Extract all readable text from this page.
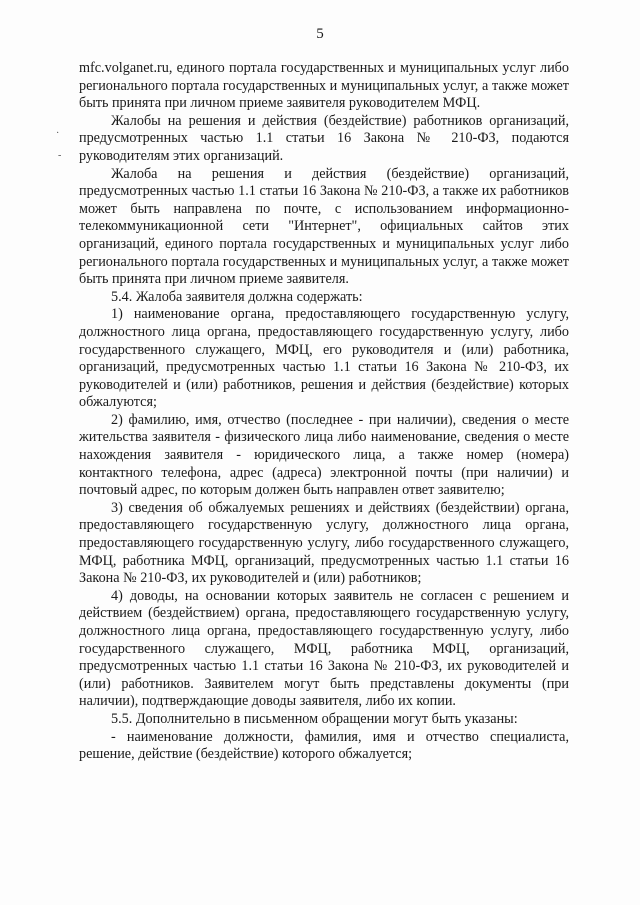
5
·
-

mfc.volganet.ru, единого портала государственных и муниципальных услуг либо регионального портала государственных и муниципальных услуг, а также может быть принята при личном приеме заявителя руководителем МФЦ.

Жалобы на решения и действия (бездействие) работников организаций, предусмотренных частью 1.1 статьи 16 Закона № 210-ФЗ, подаются руководителям этих организаций.

Жалоба на решения и действия (бездействие) организаций, предусмотренных частью 1.1 статьи 16 Закона № 210-ФЗ, а также их работников может быть направлена по почте, с использованием информационно-телекоммуникационной сети "Интернет", официальных сайтов этих организаций, единого портала государственных и муниципальных услуг либо регионального портала государственных и муниципальных услуг, а также может быть принята при личном приеме заявителя.

5.4. Жалоба заявителя должна содержать:

1) наименование органа, предоставляющего государственную услугу, должностного лица органа, предоставляющего государственную услугу, либо государственного служащего, МФЦ, его руководителя и (или) работника, организаций, предусмотренных частью 1.1 статьи 16 Закона № 210-ФЗ, их руководителей и (или) работников, решения и действия (бездействие) которых обжалуются;

2) фамилию, имя, отчество (последнее - при наличии), сведения о месте жительства заявителя - физического лица либо наименование, сведения о месте нахождения заявителя - юридического лица, а также номер (номера) контактного телефона, адрес (адреса) электронной почты (при наличии) и почтовый адрес, по которым должен быть направлен ответ заявителю;

3) сведения об обжалуемых решениях и действиях (бездействии) органа, предоставляющего государственную услугу, должностного лица органа, предоставляющего государственную услугу, либо государственного служащего, МФЦ, работника МФЦ, организаций, предусмотренных частью 1.1 статьи 16 Закона № 210-ФЗ, их руководителей и (или) работников;

4) доводы, на основании которых заявитель не согласен с решением и действием (бездействием) органа, предоставляющего государственную услугу, должностного лица органа, предоставляющего государственную услугу, либо государственного служащего, МФЦ, работника МФЦ, организаций, предусмотренных частью 1.1 статьи 16 Закона № 210-ФЗ, их руководителей и (или) работников. Заявителем могут быть представлены документы (при наличии), подтверждающие доводы заявителя, либо их копии.

5.5. Дополнительно в письменном обращении могут быть указаны:

- наименование должности, фамилия, имя и отчество специалиста, решение, действие (бездействие) которого обжалуется;
